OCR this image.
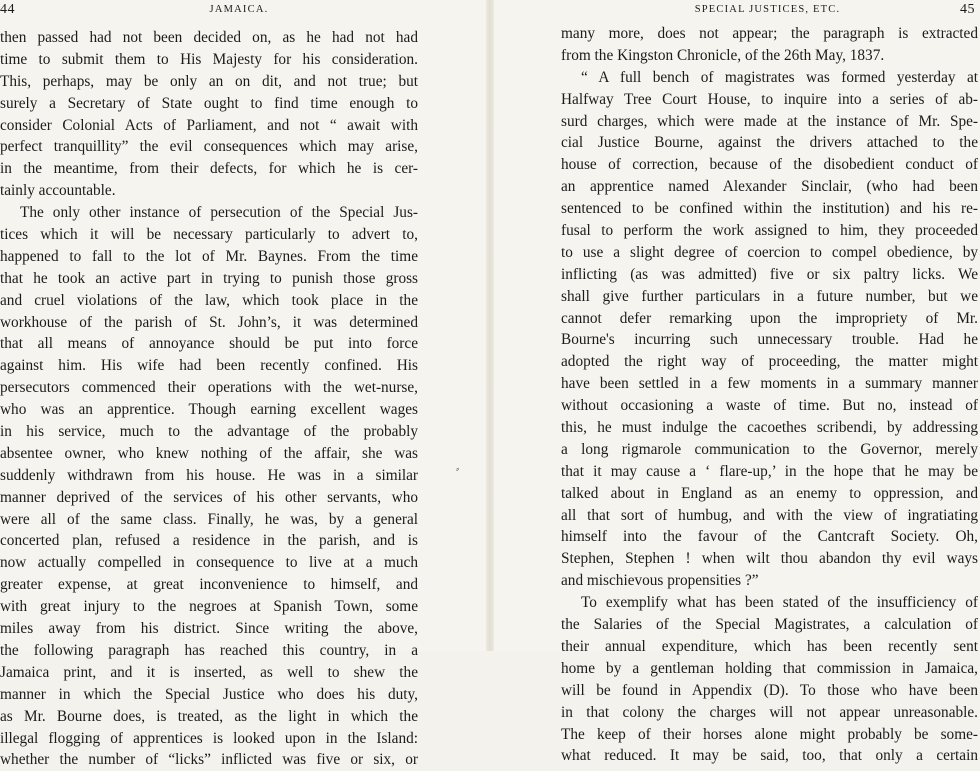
44	JAMAICA.	SPECIAL JUSTICES, ETC.	45
then passed had not been decided on, as he had not had
time to submit them to His Majesty for his consideration.
This, perhaps, may be only an on dit, and not true; but
surely a Secretary of State ought to find time enough to
consider Colonial Acts of Parliament, and not “ await with
perfect tranquillity” the evil consequences which may arise,
in the meantime, from their defects, for which he is cer-
tainly accountable.
The only other instance of persecution of the Special Jus-
tices which it will be necessary particularly to advert to,
happened to fall to the lot of Mr. Baynes. From the time
that he took an active part in trying to punish those gross
and cruel violations of the law, which took place in the
workhouse of the parish of St. John’s, it was determined
that all means of annoyance should be put into force
against him. His wife had been recently confined. His
persecutors commenced their operations with the wet-nurse,
who was an apprentice. Though earning excellent wages
in his service, much to the advantage of the probably
absentee owner, who knew nothing of the affair, she was
suddenly withdrawn from his house. He was in a similar
manner deprived of the services of his other servants, who
were all of the same class. Finally, he was, by a general
concerted plan, refused a residence in the parish, and is
now actually compelled in consequence to live at a much
greater expense, at great inconvenience to himself, and
with great injury to the negroes at Spanish Town, some
miles away from his district. Since writing the above,
the following paragraph has reached this country, in a
Jamaica print, and it is inserted, as well to shew the
manner in which the Special Justice who does his duty,
as Mr. Bourne does, is treated, as the light in which the
illegal flogging of apprentices is looked upon in the Island:
whether the number of “licks” inflicted was five or six, or
many more, does not appear; the paragraph is extracted
from the Kingston Chronicle, of the 26th May, 1837.
“ A full bench of magistrates was formed yesterday at
Halfway Tree Court House, to inquire into a series of ab-
surd charges, which were made at the instance of Mr. Spe-
cial Justice Bourne, against the drivers attached to the
house of correction, because of the disobedient conduct of
an apprentice named Alexander Sinclair, (who had been
sentenced to be confined within the institution) and his re-
fusal to perform the work assigned to him, they proceeded
to use a slight degree of coercion to compel obedience, by
inflicting (as was admitted) five or six paltry licks. We
shall give further particulars in a future number, but we
cannot defer remarking upon the impropriety of Mr.
Bourne's incurring such unnecessary trouble. Had he
adopted the right way of proceeding, the matter might
have been settled in a few moments in a summary manner
without occasioning a waste of time. But no, instead of
this, he must indulge the cacoethes scribendi, by addressing
a long rigmarole communication to the Governor, merely
that it may cause a ‘ flare-up,’ in the hope that he may be
talked about in England as an enemy to oppression, and
all that sort of humbug, and with the view of ingratiating
himself into the favour of the Cantcraft Society. Oh,
Stephen, Stephen ! when wilt thou abandon thy evil ways
and mischievous propensities ?”
To exemplify what has been stated of the insufficiency of
the Salaries of the Special Magistrates, a calculation of
their annual expenditure, which has been recently sent
home by a gentleman holding that commission in Jamaica,
will be found in Appendix (D). To those who have been
in that colony the charges will not appear unreasonable.
The keep of their horses alone might probably be some-
what reduced. It may be said, too, that only a certain
⸗
